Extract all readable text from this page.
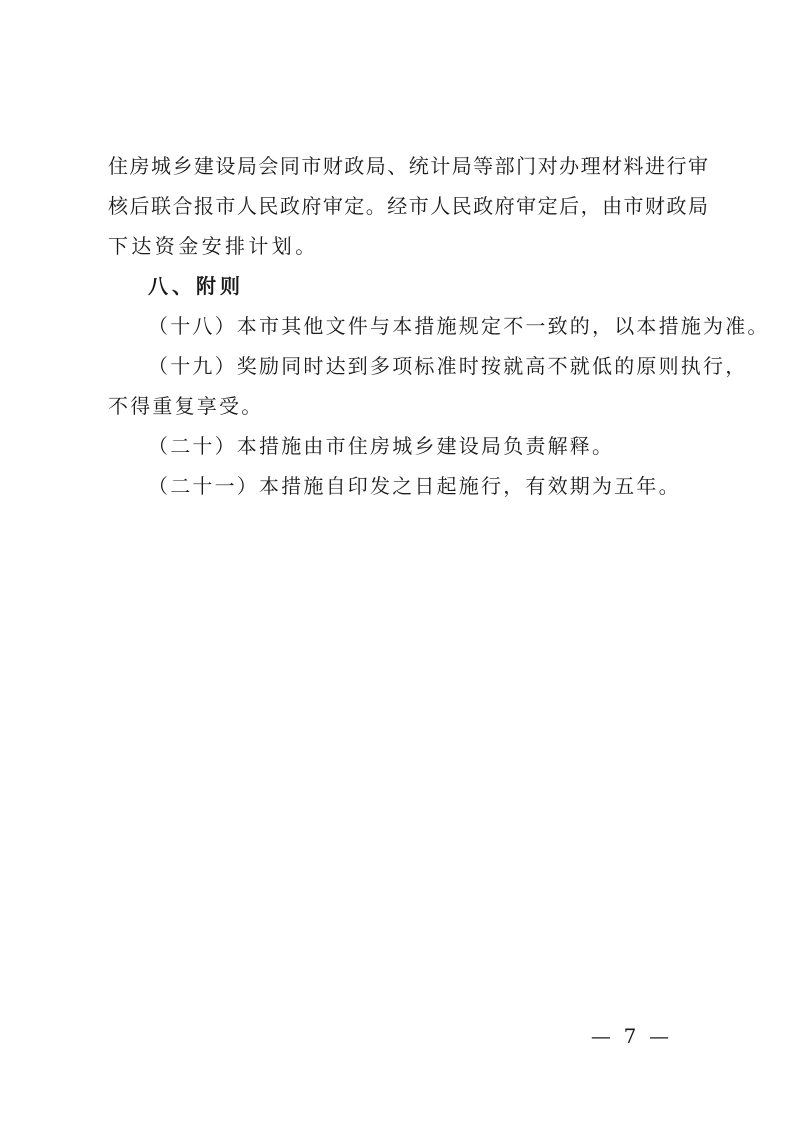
住房城乡建设局会同市财政局、统计局等部门对办理材料进行审
核后联合报市人民政府审定。经市人民政府审定后，由市财政局
下达资金安排计划。
八、附则
（十八）本市其他文件与本措施规定不一致的，以本措施为准。
（十九）奖励同时达到多项标准时按就高不就低的原则执行，
不得重复享受。
（二十）本措施由市住房城乡建设局负责解释。
（二十一）本措施自印发之日起施行，有效期为五年。
—  7  —
